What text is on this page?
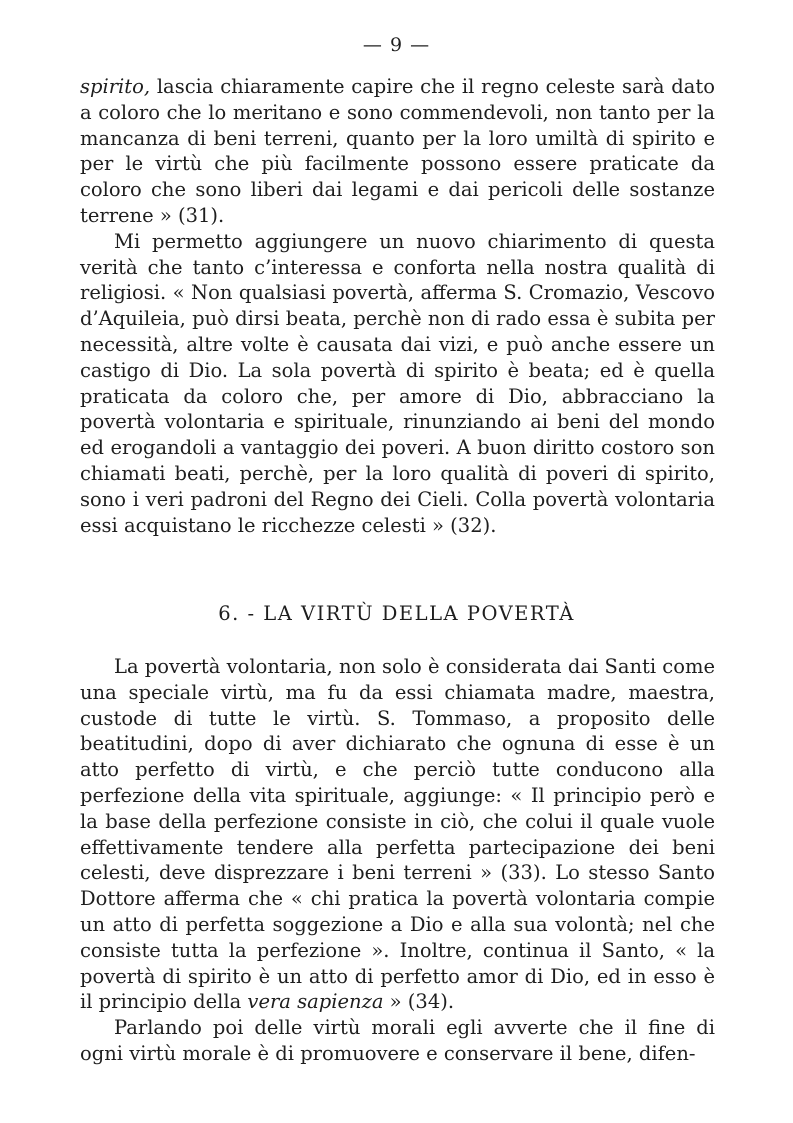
— 9 —

spirito, lascia chiaramente capire che il regno celeste sarà dato a coloro che lo meritano e sono commendevoli, non tanto per la mancanza di beni terreni, quanto per la loro umiltà di spirito e per le virtù che più facilmente possono essere praticate da coloro che sono liberi dai legami e dai pericoli delle sostanze terrene » (31).

Mi permetto aggiungere un nuovo chiarimento di questa verità che tanto c’interessa e conforta nella nostra qualità di religiosi. « Non qualsiasi povertà, afferma S. Cromazio, Vescovo d’Aquileia, può dirsi beata, perchè non di rado essa è subita per necessità, altre volte è causata dai vizi, e può anche essere un castigo di Dio. La sola povertà di spirito è beata; ed è quella praticata da coloro che, per amore di Dio, abbracciano la povertà volontaria e spirituale, rinunziando ai beni del mondo ed erogandoli a vantaggio dei poveri. A buon diritto costoro son chiamati beati, perchè, per la loro qualità di poveri di spirito, sono i veri padroni del Regno dei Cieli. Colla povertà volontaria essi acquistano le ricchezze celesti » (32).

6. - LA VIRTÙ DELLA POVERTÀ

La povertà volontaria, non solo è considerata dai Santi come una speciale virtù, ma fu da essi chiamata madre, maestra, custode di tutte le virtù. S. Tommaso, a proposito delle beatitudini, dopo di aver dichiarato che ognuna di esse è un atto perfetto di virtù, e che perciò tutte conducono alla perfezione della vita spirituale, aggiunge: « Il principio però e la base della perfezione consiste in ciò, che colui il quale vuole effettivamente tendere alla perfetta partecipazione dei beni celesti, deve disprezzare i beni terreni » (33). Lo stesso Santo Dottore afferma che « chi pratica la povertà volontaria compie un atto di perfetta soggezione a Dio e alla sua volontà; nel che consiste tutta la perfezione ». Inoltre, continua il Santo, « la povertà di spirito è un atto di perfetto amor di Dio, ed in esso è il principio della vera sapienza » (34).

Parlando poi delle virtù morali egli avverte che il fine di ogni virtù morale è di promuovere e conservare il bene, difen-
